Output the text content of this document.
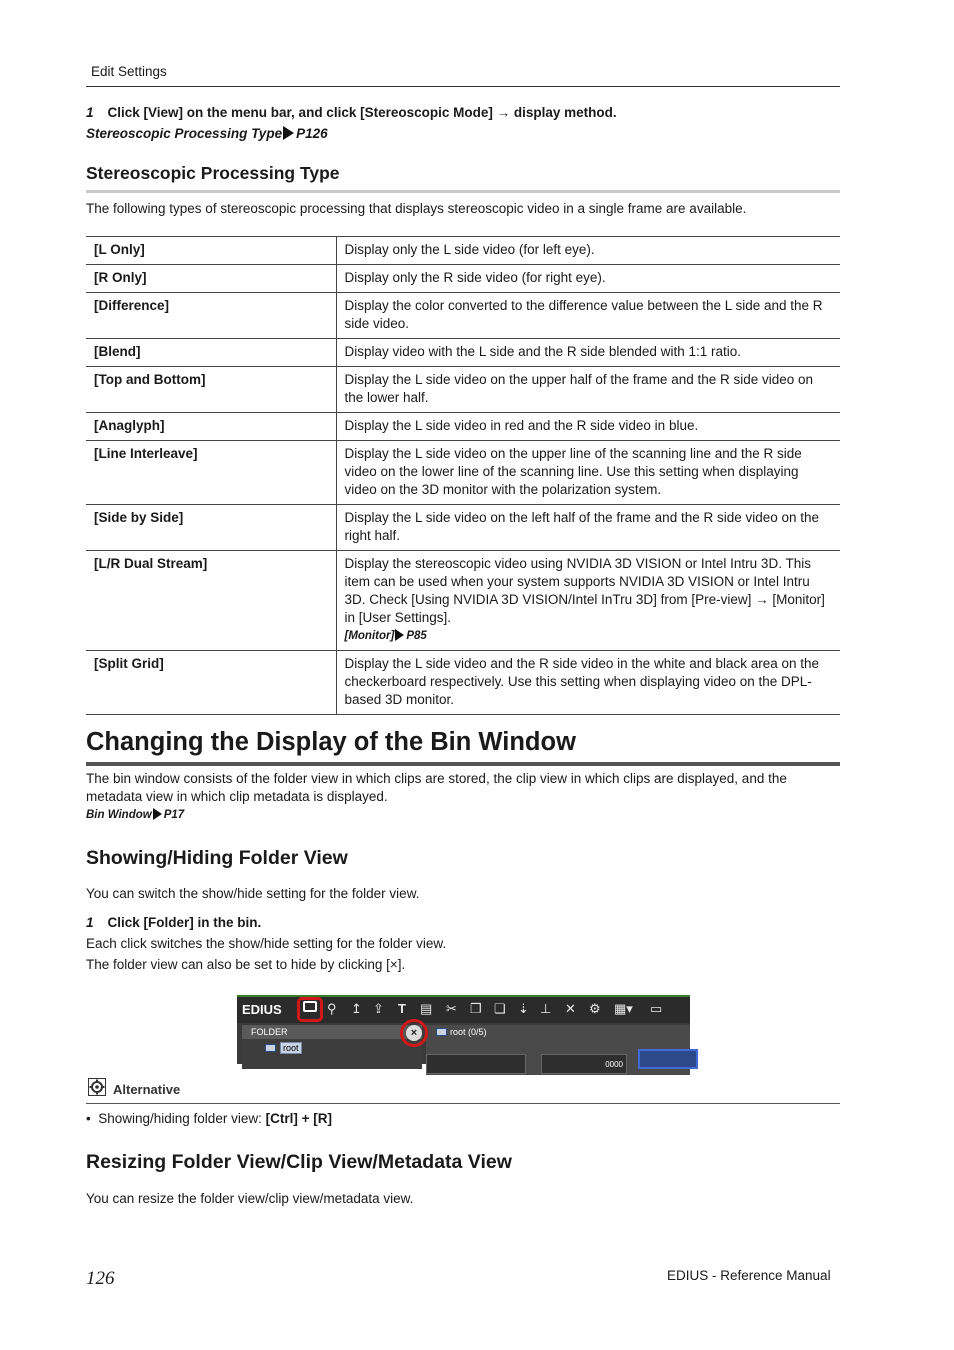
Edit Settings
1 Click [View] on the menu bar, and click [Stereoscopic Mode] → display method.
Stereoscopic Processing Type P126
Stereoscopic Processing Type
The following types of stereoscopic processing that displays stereoscopic video in a single frame are available.
[L Only]	Display only the L side video (for left eye).
[R Only]	Display only the R side video (for right eye).
[Difference]	Display the color converted to the difference value between the L side and the R side video.
[Blend]	Display video with the L side and the R side blended with 1:1 ratio.
[Top and Bottom]	Display the L side video on the upper half of the frame and the R side video on the lower half.
[Anaglyph]	Display the L side video in red and the R side video in blue.
[Line Interleave]	Display the L side video on the upper line of the scanning line and the R side video on the lower line of the scanning line. Use this setting when displaying video on the 3D monitor with the polarization system.
[Side by Side]	Display the L side video on the left half of the frame and the R side video on the right half.
[L/R Dual Stream]	Display the stereoscopic video using NVIDIA 3D VISION or Intel Intru 3D. This item can be used when your system supports NVIDIA 3D VISION or Intel Intru 3D. Check [Using NVIDIA 3D VISION/Intel InTru 3D] from [Pre-view] → [Monitor] in [User Settings].
[Monitor] P85

[Split Grid]	Display the L side video and the R side video in the white and black area on the checkerboard respectively. Use this setting when displaying video on the DPL-based 3D monitor.
Changing the Display of the Bin Window
The bin window consists of the folder view in which clips are stored, the clip view in which clips are displayed, and the metadata view in which clip metadata is displayed.
Bin Window P17
Showing/Hiding Folder View
You can switch the show/hide setting for the folder view.
1 Click [Folder] in the bin.
Each click switches the show/hide setting for the folder view.
The folder view can also be set to hide by clicking [×].
EDIUS	⚲ ↥ ⇪ T ▤ ✂ ❐ ❏ ⇣ ⊥ ✕ ⚙ ▦▾ ▭
FOLDER
root
root (0/5)
0000
×
Alternative
•  Showing/hiding folder view: [Ctrl] + [R]
Resizing Folder View/Clip View/Metadata View
You can resize the folder view/clip view/metadata view.
126	EDIUS - Reference Manual
